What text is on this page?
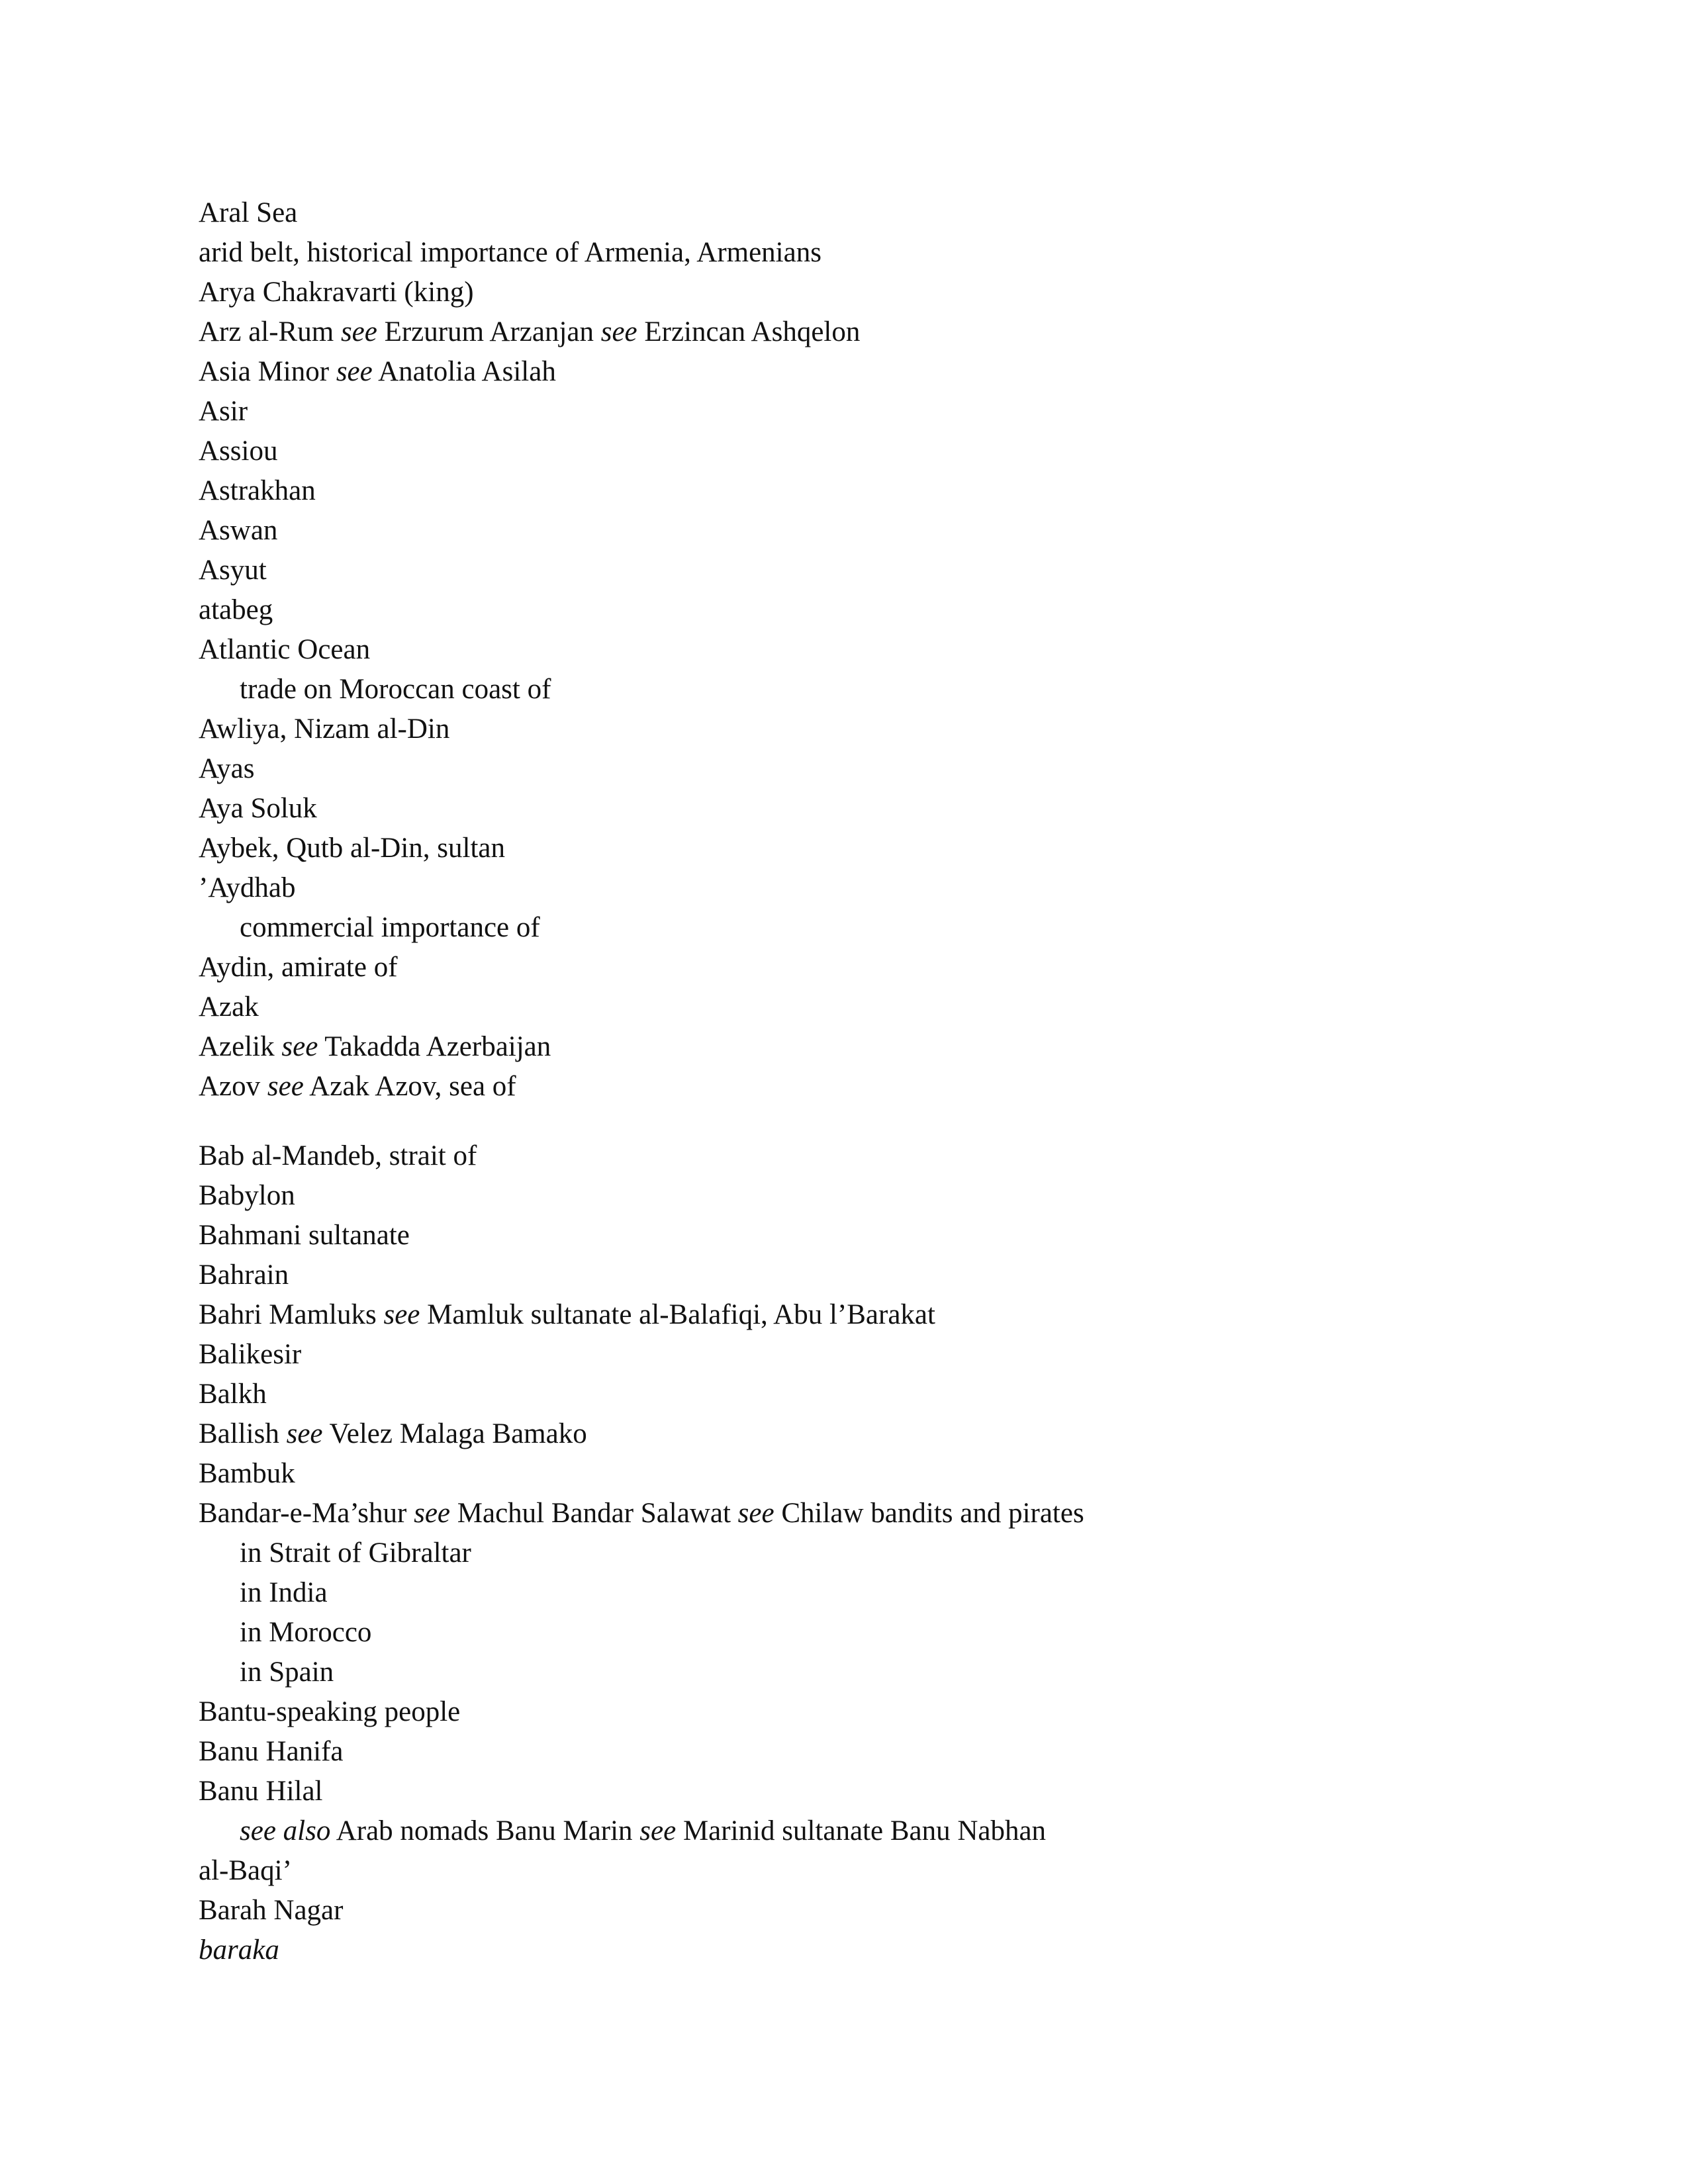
Aral Sea
arid belt, historical importance of Armenia, Armenians
Arya Chakravarti (king)
Arz al-Rum see Erzurum Arzanjan see Erzincan Ashqelon
Asia Minor see Anatolia Asilah
Asir
Assiou
Astrakhan
Aswan
Asyut
atabeg
Atlantic Ocean
trade on Moroccan coast of
Awliya, Nizam al-Din
Ayas
Aya Soluk
Aybek, Qutb al-Din, sultan
’Aydhab
commercial importance of
Aydin, amirate of
Azak
Azelik see Takadda Azerbaijan
Azov see Azak Azov, sea of
Bab al-Mandeb, strait of
Babylon
Bahmani sultanate
Bahrain
Bahri Mamluks see Mamluk sultanate al-Balafiqi, Abu l’Barakat
Balikesir
Balkh
Ballish see Velez Malaga Bamako
Bambuk
Bandar-e-Ma’shur see Machul Bandar Salawat see Chilaw bandits and pirates
in Strait of Gibraltar
in India
in Morocco
in Spain
Bantu-speaking people
Banu Hanifa
Banu Hilal
see also Arab nomads Banu Marin see Marinid sultanate Banu Nabhan
al-Baqi’
Barah Nagar
baraka
